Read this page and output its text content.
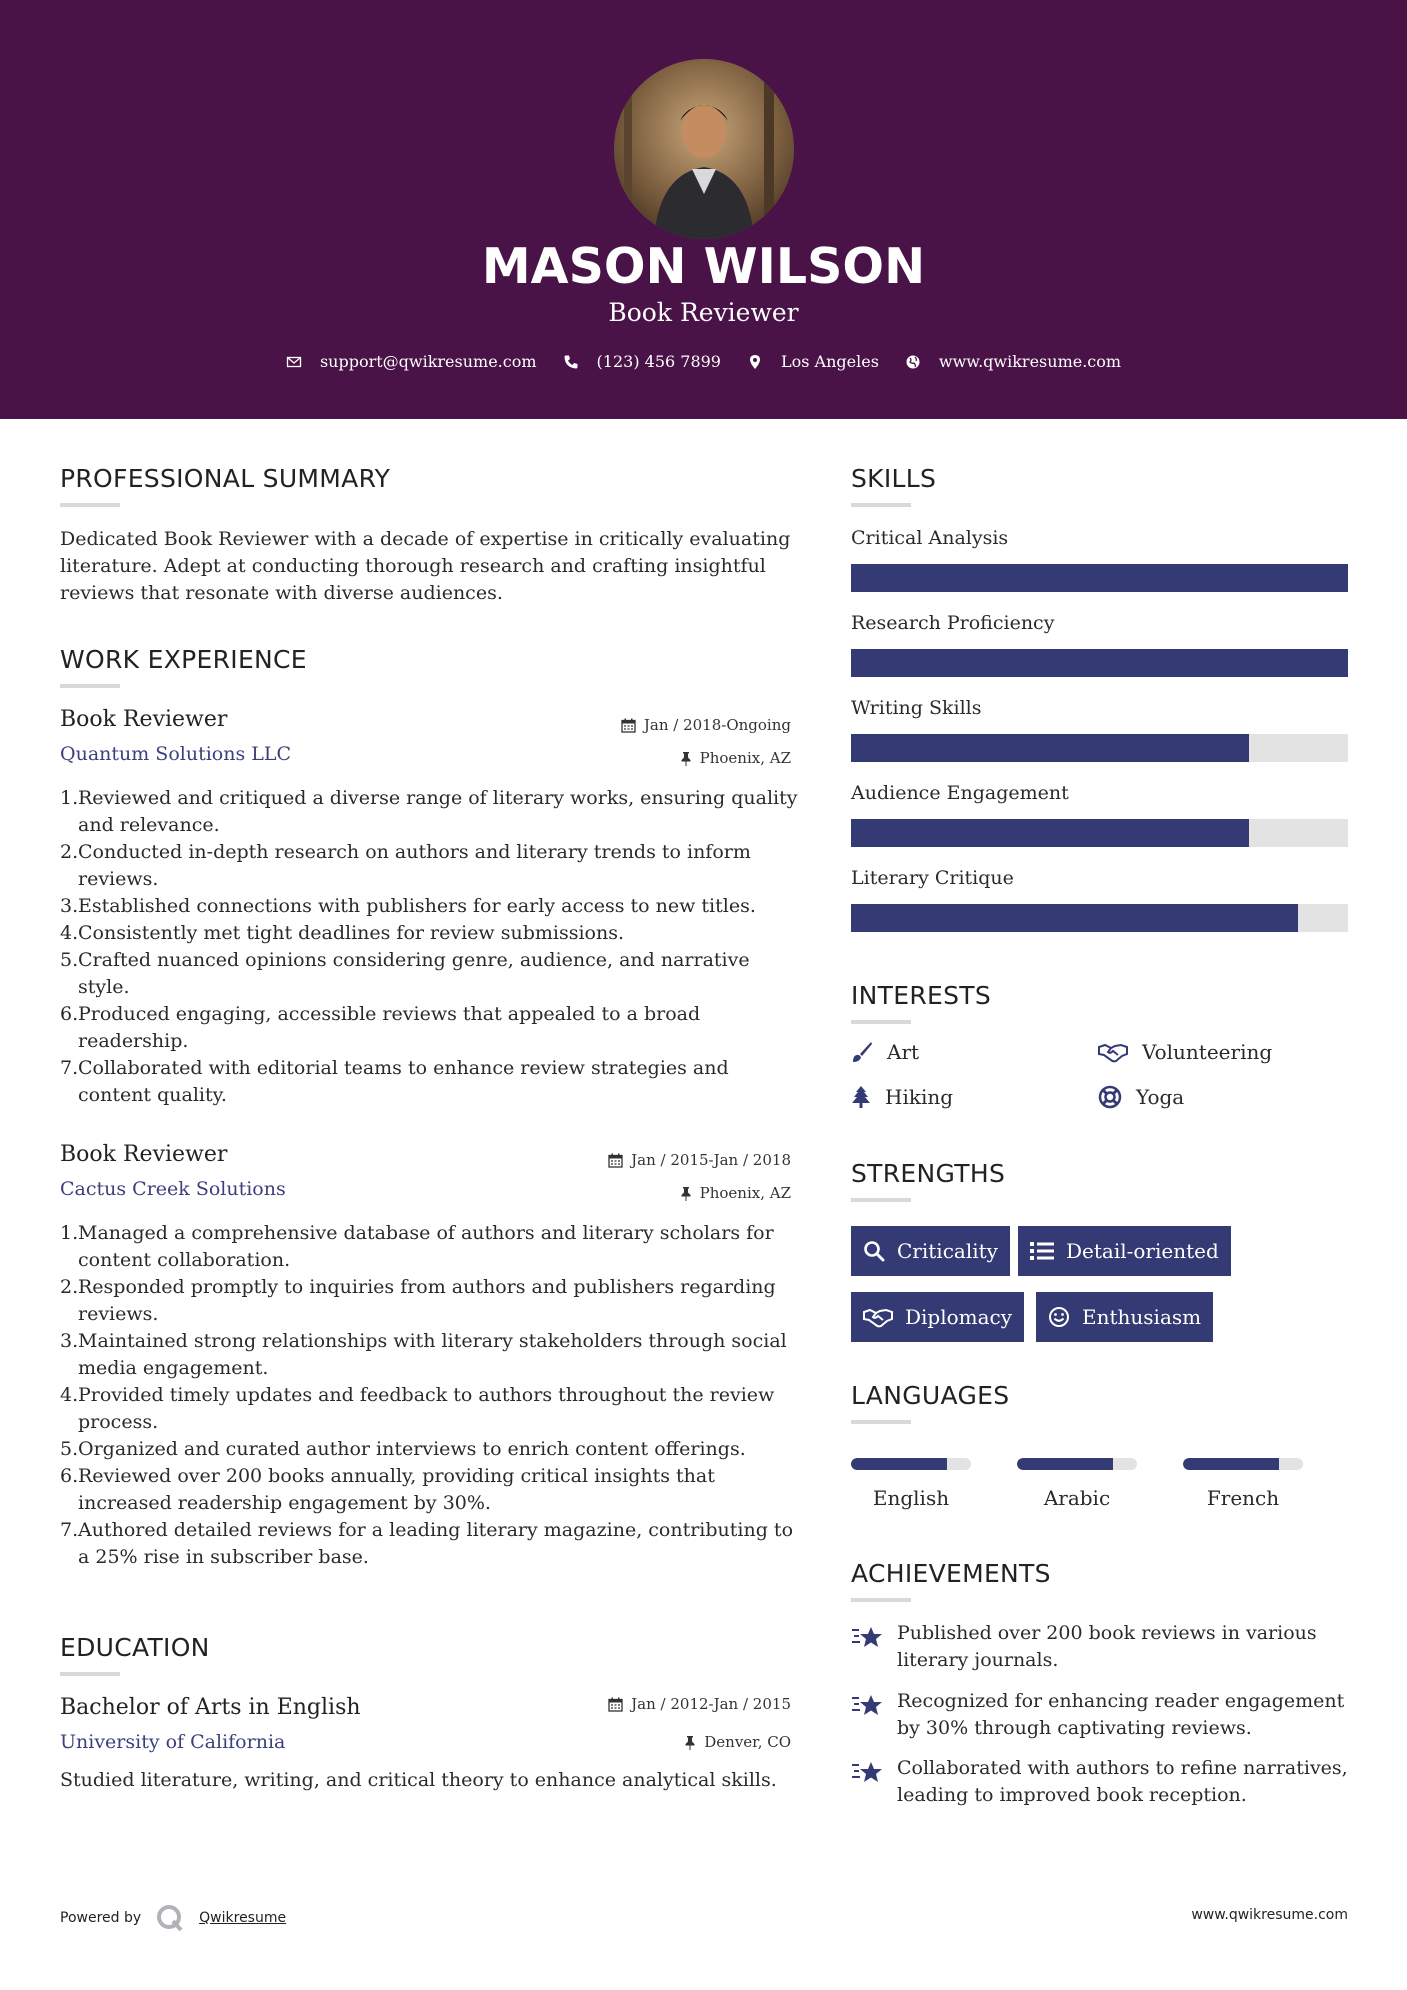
MASON WILSON
Book Reviewer
support@qwikresume.com	(123) 456 7899	Los Angeles	www.qwikresume.com
PROFESSIONAL SUMMARY
Dedicated Book Reviewer with a decade of expertise in critically evaluating
literature. Adept at conducting thorough research and crafting insightful
reviews that resonate with diverse audiences.
WORK EXPERIENCE
Book Reviewer
Quantum Solutions LLC
Jan / 2018-Ongoing
Phoenix, AZ
Reviewed and critiqued a diverse range of literary works, ensuring quality and relevance.
Conducted in-depth research on authors and literary trends to inform reviews.
Established connections with publishers for early access to new titles.
Consistently met tight deadlines for review submissions.
Crafted nuanced opinions considering genre, audience, and narrative style.
Produced engaging, accessible reviews that appealed to a broad readership.
Collaborated with editorial teams to enhance review strategies and content quality.
Book Reviewer
Cactus Creek Solutions
Jan / 2015-Jan / 2018
Phoenix, AZ
Managed a comprehensive database of authors and literary scholars for content collaboration.
Responded promptly to inquiries from authors and publishers regarding reviews.
Maintained strong relationships with literary stakeholders through social media engagement.
Provided timely updates and feedback to authors throughout the review process.
Organized and curated author interviews to enrich content offerings.
Reviewed over 200 books annually, providing critical insights that increased readership engagement by 30%.
Authored detailed reviews for a leading literary magazine, contributing to a 25% rise in subscriber base.
EDUCATION
Bachelor of Arts in English
University of California
Jan / 2012-Jan / 2015
Denver, CO
Studied literature, writing, and critical theory to enhance analytical skills.
SKILLS
Critical Analysis
Research Proficiency
Writing Skills
Audience Engagement
Literary Critique
INTERESTS
Art	Volunteering
Hiking	Yoga
STRENGTHS
Criticality	Detail-oriented
Diplomacy	Enthusiasm
LANGUAGES
English	Arabic	French
ACHIEVEMENTS
Published over 200 book reviews in various literary journals.
Recognized for enhancing reader engagement by 30% through captivating reviews.
Collaborated with authors to refine narratives, leading to improved book reception.
Powered by	Qwikresume	www.qwikresume.com
